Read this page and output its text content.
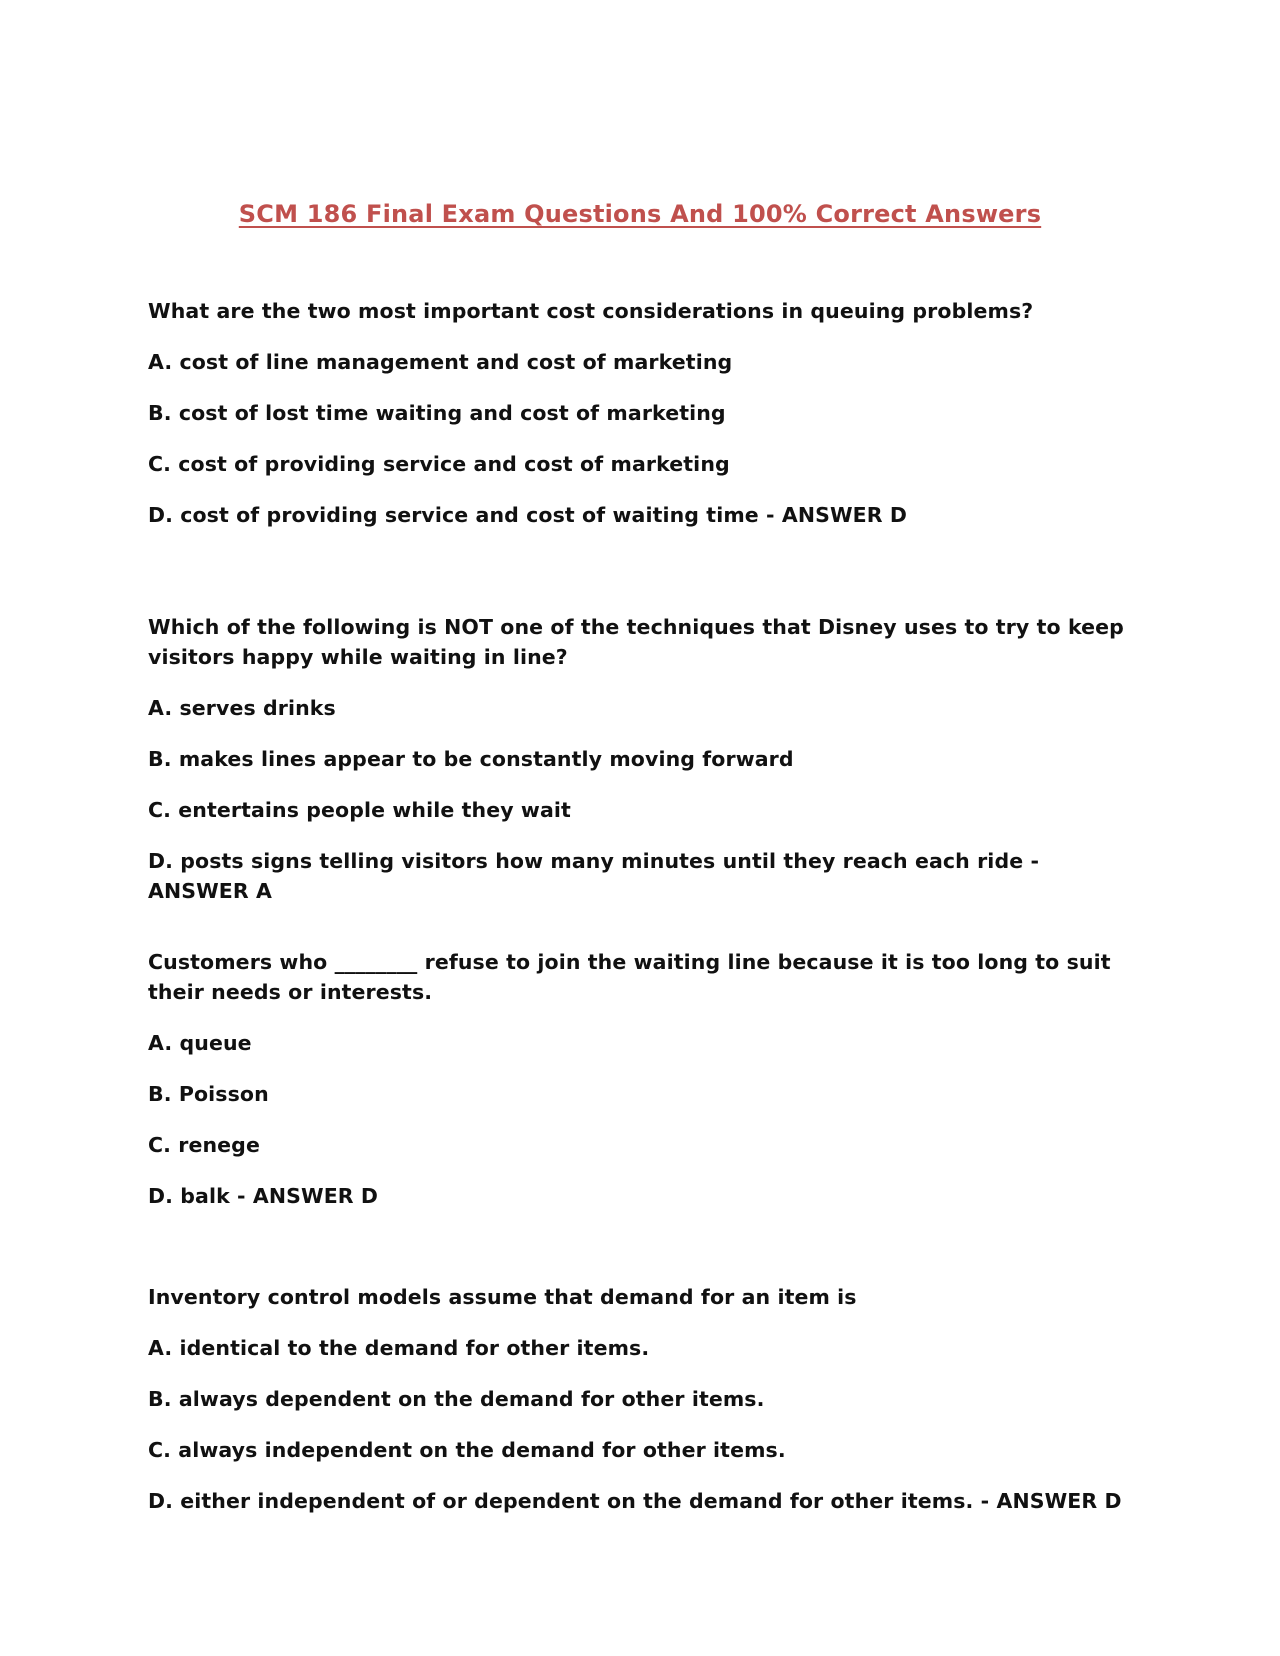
SCM 186 Final Exam Questions And 100% Correct Answers

What are the two most important cost considerations in queuing problems?

A. cost of line management and cost of marketing

B. cost of lost time waiting and cost of marketing

C. cost of providing service and cost of marketing

D. cost of providing service and cost of waiting time - ANSWER D

Which of the following is NOT one of the techniques that Disney uses to try to keep visitors happy while waiting in line?

A. serves drinks

B. makes lines appear to be constantly moving forward

C. entertains people while they wait

D. posts signs telling visitors how many minutes until they reach each ride - ANSWER A

Customers who ________ refuse to join the waiting line because it is too long to suit their needs or interests.

A. queue

B. Poisson

C. renege

D. balk - ANSWER D

Inventory control models assume that demand for an item is

A. identical to the demand for other items.

B. always dependent on the demand for other items.

C. always independent on the demand for other items.

D. either independent of or dependent on the demand for other items. - ANSWER D
